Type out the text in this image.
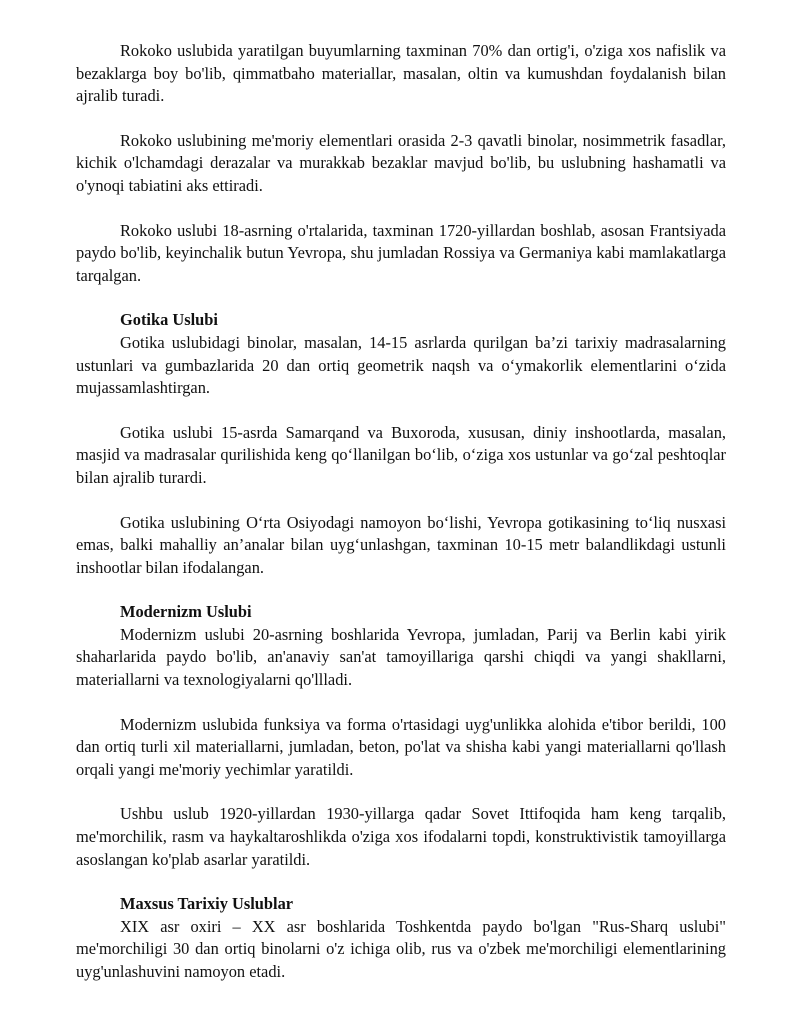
Rokoko uslubida yaratilgan buyumlarning taxminan 70% dan ortig'i, o'ziga xos nafislik va bezaklarga boy bo'lib, qimmatbaho materiallar, masalan, oltin va kumushdan foydalanish bilan ajralib turadi.

Rokoko uslubining me'moriy elementlari orasida 2-3 qavatli binolar, nosimmetrik fasadlar, kichik o'lchamdagi derazalar va murakkab bezaklar mavjud bo'lib, bu uslubning hashamatli va o'ynoqi tabiatini aks ettiradi.

Rokoko uslubi 18-asrning o'rtalarida, taxminan 1720-yillardan boshlab, asosan Frantsiyada paydo bo'lib, keyinchalik butun Yevropa, shu jumladan Rossiya va Germaniya kabi mamlakatlarga tarqalgan.

Gotika Uslubi

Gotika uslubidagi binolar, masalan, 14-15 asrlarda qurilgan ba’zi tarixiy madrasalarning ustunlari va gumbazlarida 20 dan ortiq geometrik naqsh va o‘ymakorlik elementlarini o‘zida mujassamlashtirgan.

Gotika uslubi 15-asrda Samarqand va Buxoroda, xususan, diniy inshootlarda, masalan, masjid va madrasalar qurilishida keng qo‘llanilgan bo‘lib, o‘ziga xos ustunlar va go‘zal peshtoqlar bilan ajralib turardi.

Gotika uslubining O‘rta Osiyodagi namoyon bo‘lishi, Yevropa gotikasining to‘liq nusxasi emas, balki mahalliy an’analar bilan uyg‘unlashgan, taxminan 10-15 metr balandlikdagi ustunli inshootlar bilan ifodalangan.

Modernizm Uslubi

Modernizm uslubi 20-asrning boshlarida Yevropa, jumladan, Parij va Berlin kabi yirik shaharlarida paydo bo'lib, an'anaviy san'at tamoyillariga qarshi chiqdi va yangi shakllarni, materiallarni va texnologiyalarni qo'llladi.

Modernizm uslubida funksiya va forma o'rtasidagi uyg'unlikka alohida e'tibor berildi, 100 dan ortiq turli xil materiallarni, jumladan, beton, po'lat va shisha kabi yangi materiallarni qo'llash orqali yangi me'moriy yechimlar yaratildi.

Ushbu uslub 1920-yillardan 1930-yillarga qadar Sovet Ittifoqida ham keng tarqalib, me'morchilik, rasm va haykaltaroshlikda o'ziga xos ifodalarni topdi, konstruktivistik tamoyillarga asoslangan ko'plab asarlar yaratildi.

Maxsus Tarixiy Uslublar

XIX asr oxiri – XX asr boshlarida Toshkentda paydo bo'lgan "Rus-Sharq uslubi" me'morchiligi 30 dan ortiq binolarni o'z ichiga olib, rus va o'zbek me'morchiligi elementlarining uyg'unlashuvini namoyon etadi.
